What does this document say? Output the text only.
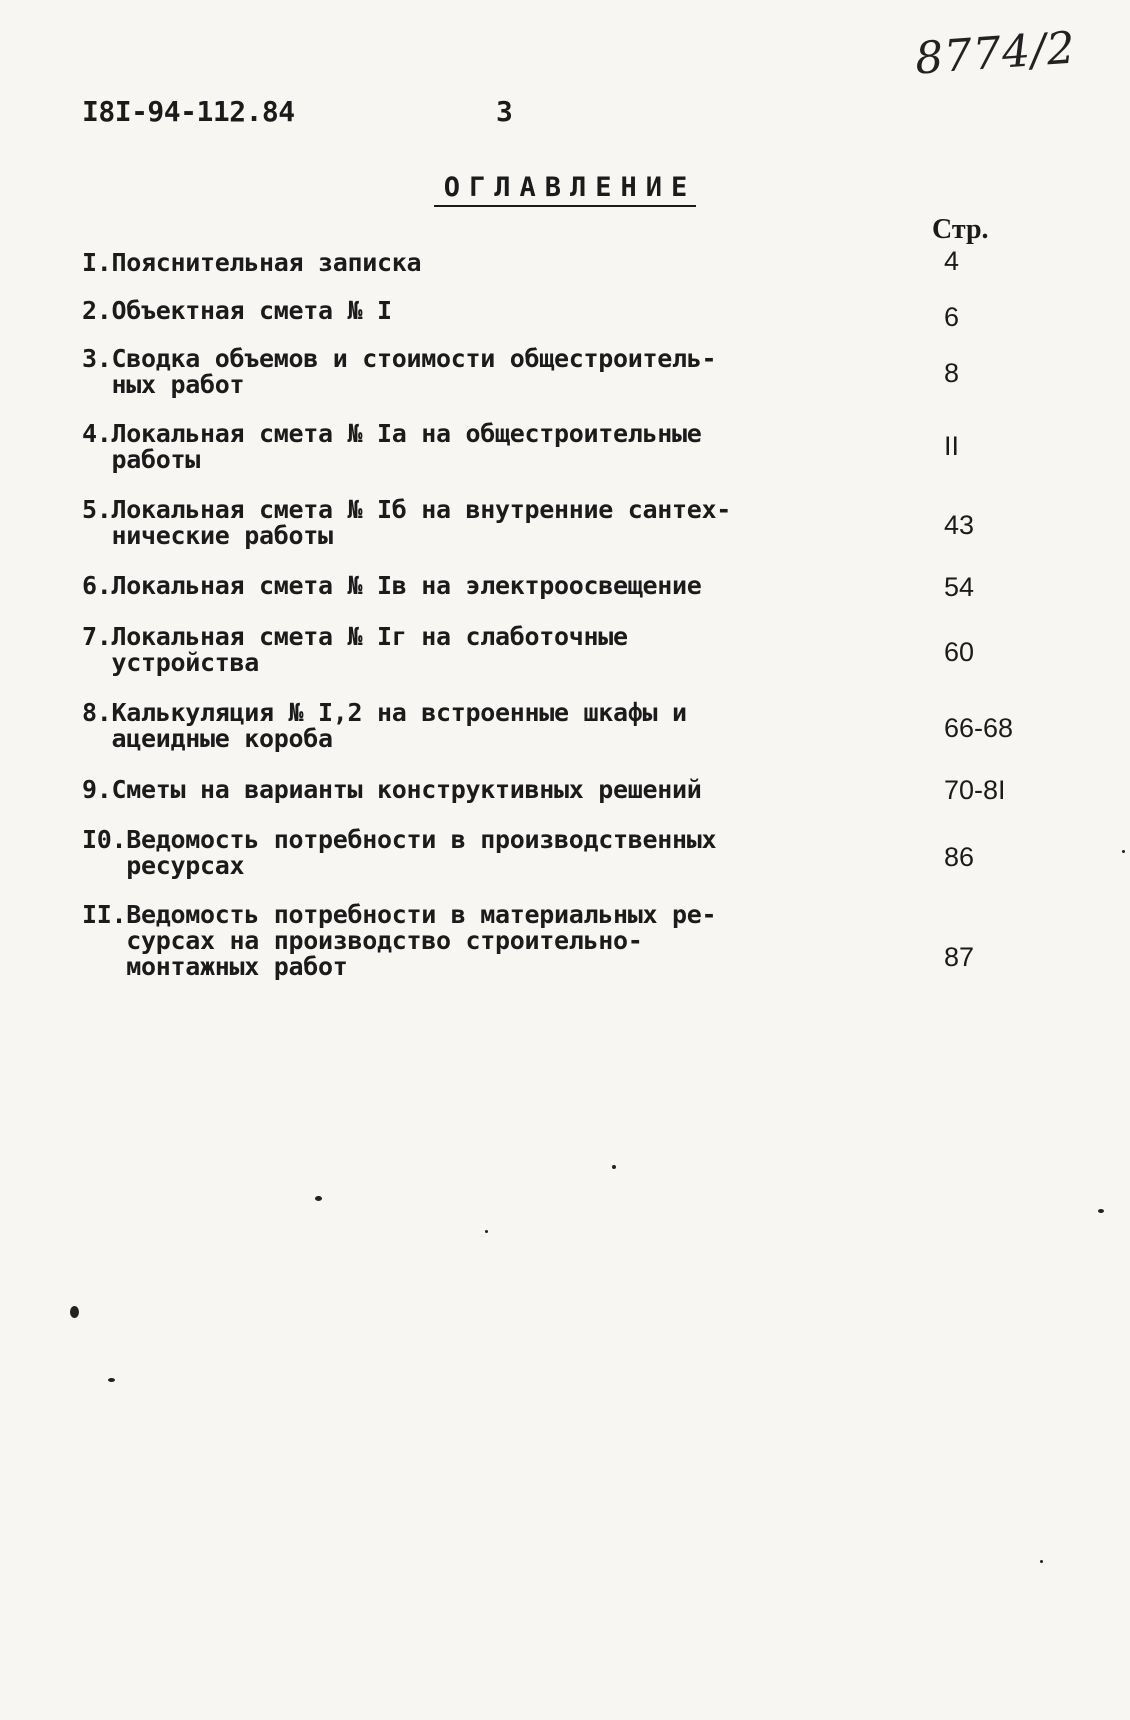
8774/2
I8I-94-112.84	3
ОГЛАВЛЕНИЕ
Стр.
I.Пояснительная записка	4
2.Объектная смета № I	6
3.Сводка объемов и стоимости общестроитель-
ных работ	8
4.Локальная смета № Iа на общестроительные
работы	II
5.Локальная смета № Iб на внутренние сантех-
нические работы	43
6.Локальная смета № Iв на электроосвещение	54
7.Локальная смета № Iг на слаботочные
устройства	60
8.Калькуляция № I,2 на встроенные шкафы и
ацеидные короба	66-68
9.Сметы на варианты конструктивных решений	70-8I
I0.Ведомость потребности в производственных
ресурсах	86
II.Ведомость потребности в материальных ре-
сурсах на производство строительно-
монтажных работ	87
